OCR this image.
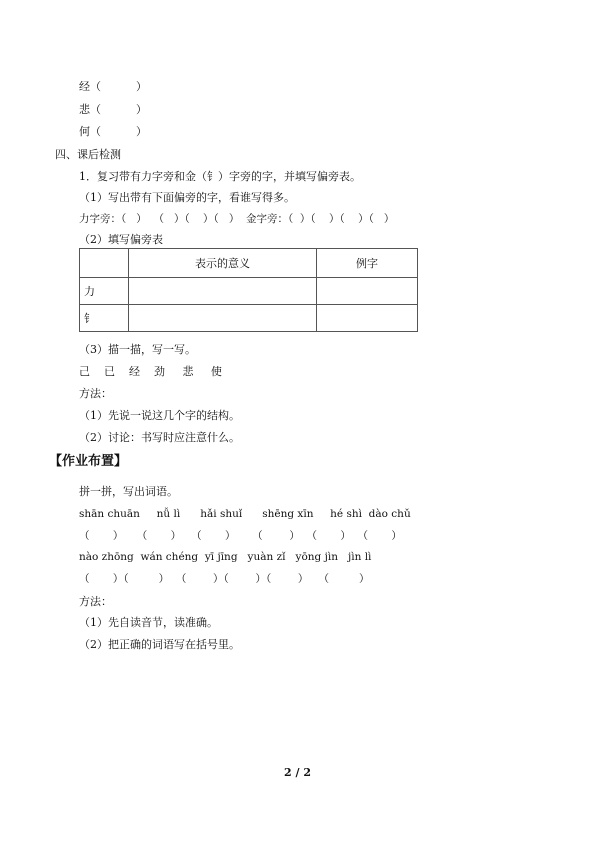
经（          ）
悲（          ）
何（          ）
四、课后检测
1．复习带有力字旁和金（钅）字旁的字，并填写偏旁表。
（1）写出带有下面偏旁的字，看谁写得多。
力字旁：（   ）  （   ）（    ）（   ）  金字旁：（  ）（    ）（    ）（   ）
（2）填写偏旁表
	表示的意义	例字
力		
钅		
（3）描一描，写一写。
己    已    经    劲     悲     使
方法：
（1）先说一说这几个字的结构。
（2）讨论：书写时应注意什么。
【作业布置】
拼一拼，写出词语。
shān chuān     nǚ lì      hǎi shuǐ      shēng xīn     hé shì  dào chǔ
（       ）    （       ）   （       ）     （        ）  （       ）  （       ）
nào zhōng  wán chéng  yī jīng   yuàn zǐ   yōng jìn   jìn lì
（       ）（         ）  （        ）（        ）（        ）   （         ）
方法：
（1）先自读音节，读准确。
（2）把正确的词语写在括号里。
2 / 2
